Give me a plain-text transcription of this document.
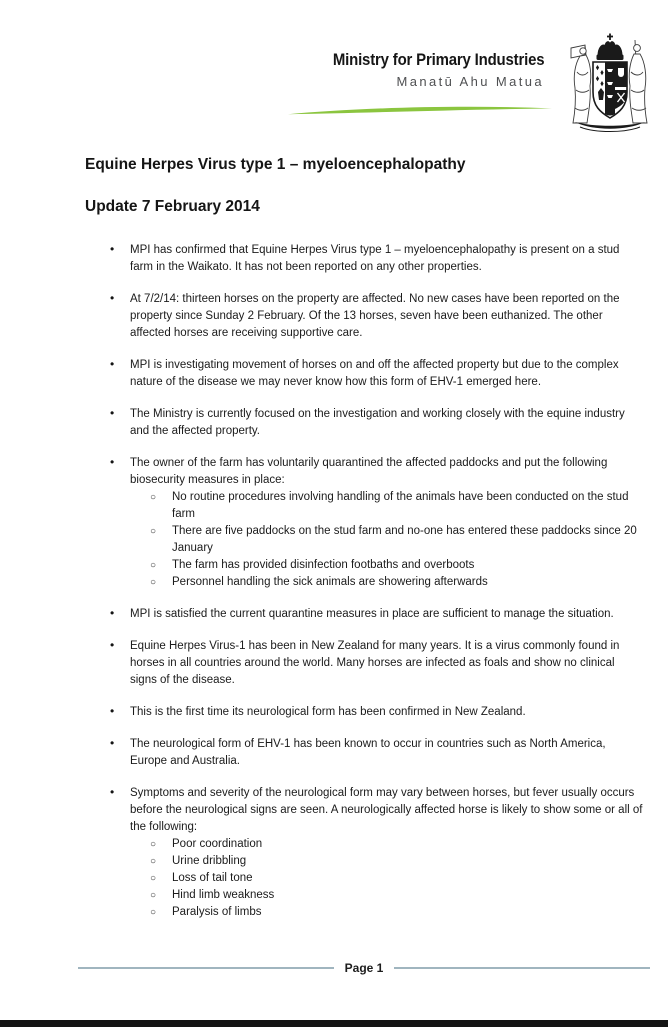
Ministry for Primary Industries
Manatū Ahu Matua
Equine Herpes Virus type 1 – myeloencephalopathy
Update 7 February 2014
• MPI has confirmed that Equine Herpes Virus type 1 – myeloencephalopathy is present on a stud farm in the Waikato. It has not been reported on any other properties.
• At 7/2/14: thirteen horses on the property are affected. No new cases have been reported on the property since Sunday 2 February. Of the 13 horses, seven have been euthanized. The other affected horses are receiving supportive care.
• MPI is investigating movement of horses on and off the affected property but due to the complex nature of the disease we may never know how this form of EHV-1 emerged here.
• The Ministry is currently focused on the investigation and working closely with the equine industry and the affected property.
• The owner of the farm has voluntarily quarantined the affected paddocks and put the following biosecurity measures in place:
○ No routine procedures involving handling of the animals have been conducted on the stud farm
○ There are five paddocks on the stud farm and no-one has entered these paddocks since 20 January
○ The farm has provided disinfection footbaths and overboots
○ Personnel handling the sick animals are showering afterwards
• MPI is satisfied the current quarantine measures in place are sufficient to manage the situation.
• Equine Herpes Virus-1 has been in New Zealand for many years. It is a virus commonly found in horses in all countries around the world. Many horses are infected as foals and show no clinical signs of the disease.
• This is the first time its neurological form has been confirmed in New Zealand.
• The neurological form of EHV-1 has been known to occur in countries such as North America, Europe and Australia.
• Symptoms and severity of the neurological form may vary between horses, but fever usually occurs before the neurological signs are seen. A neurologically affected horse is likely to show some or all of the following:
○ Poor coordination
○ Urine dribbling
○ Loss of tail tone
○ Hind limb weakness
○ Paralysis of limbs
Page 1
